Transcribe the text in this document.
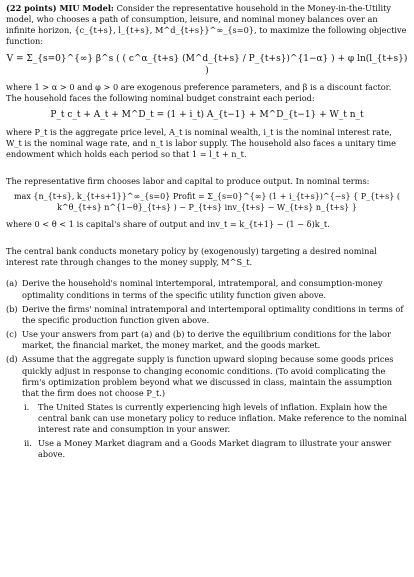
(22 points) MIU Model: Consider the representative household in the Money-in-the-Utility model, who chooses a path of consumption, leisure, and nominal money balances over an infinite horizon, {c_{t+s}, l_{t+s}, M^d_{t+s}}^∞_{s=0}, to maximize the following objective function:

V = Σ_{s=0}^{∞} β^s ( ( c^α_{t+s} (M^d_{t+s} / P_{t+s})^{1−α} ) + φ ln(l_{t+s}) )

where 1 > α > 0 and φ > 0 are exogenous preference parameters, and β is a discount factor. The household faces the following nominal budget constraint each period:

P_t c_t + A_t + M^D_t = (1 + i_t) A_{t−1} + M^D_{t−1} + W_t n_t

where P_t is the aggregate price level, A_t is nominal wealth, i_t is the nominal interest rate, W_t is the nominal wage rate, and n_t is labor supply. The household also faces a unitary time endowment which holds each period so that 1 = l_t + n_t.

The representative firm chooses labor and capital to produce output. In nominal terms:

max {n_{t+s}, k_{t+s+1}}^∞_{s=0} Profit = Σ_{s=0}^{∞} (1 + i_{t+s})^{−s} { P_{t+s} ( k^θ_{t+s} n^{1−θ}_{t+s} ) − P_{t+s} inv_{t+s} − W_{t+s} n_{t+s} }

where 0 < θ < 1 is capital's share of output and inv_t = k_{t+1} − (1 − δ)k_t.

The central bank conducts monetary policy by (exogenously) targeting a desired nominal interest rate through changes to the money supply, M^S_t.

(a) Derive the household's nominal intertemporal, intratemporal, and consumption-money optimality conditions in terms of the specific utility function given above.
(b) Derive the firms' nominal intratemporal and intertemporal optimality conditions in terms of the specific production function given above.
(c) Use your answers from part (a) and (b) to derive the equilibrium conditions for the labor market, the financial market, the money market, and the goods market.
(d) Assume that the aggregate supply is function upward sloping because some goods prices quickly adjust in response to changing economic conditions. (To avoid complicating the firm's optimization problem beyond what we discussed in class, maintain the assumption that the firm does not choose P_t.)
i.	The United States is currently experiencing high levels of inflation. Explain how the central bank can use monetary policy to reduce inflation. Make reference to the nominal interest rate and consumption in your answer.
ii. Use a Money Market diagram and a Goods Market diagram to illustrate your answer above.
